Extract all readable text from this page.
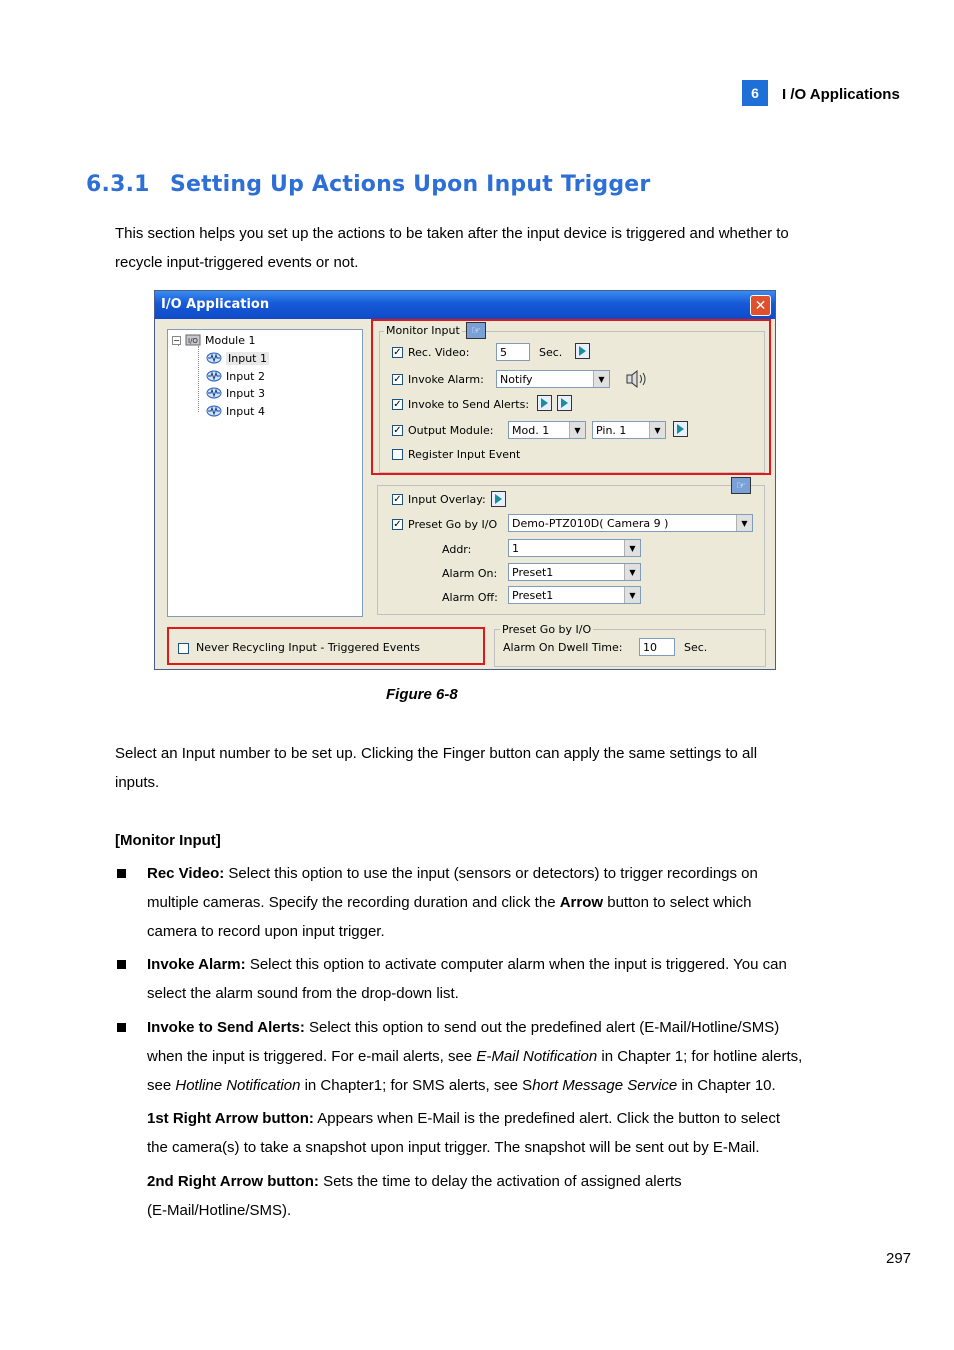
6	I /O Applications
6.3.1 Setting Up Actions Upon Input Trigger
This section helps you set up the actions to be taken after the input device is triggered and whether to
recycle input-triggered events or not.
I/O Application	✕
− I/O Module 1
Input 1
Input 2
Input 3
Input 4
Monitor Input	☞
✓ Rec. Video:	5	Sec.
✓ Invoke Alarm:	Notify	▼
✓ Invoke to Send Alerts:
✓ Output Module:	Mod. 1	▼	Pin. 1	▼
Register Input Event
☞
✓ Input Overlay:
✓ Preset Go by I/O	Demo-PTZ010D( Camera 9 )	▼
Addr:	1	▼
Alarm On:	Preset1	▼
Alarm Off:	Preset1	▼
Never Recycling Input - Triggered Events
Preset Go by I/O
Alarm On Dwell Time:	10	Sec.
Figure 6-8
Select an Input number to be set up. Clicking the Finger button can apply the same settings to all
inputs.
[Monitor Input]
Rec Video: Select this option to use the input (sensors or detectors) to trigger recordings on
multiple cameras. Specify the recording duration and click the Arrow button to select which
camera to record upon input trigger.
Invoke Alarm: Select this option to activate computer alarm when the input is triggered. You can
select the alarm sound from the drop-down list.
Invoke to Send Alerts: Select this option to send out the predefined alert (E-Mail/Hotline/SMS)
when the input is triggered. For e-mail alerts, see E-Mail Notification in Chapter 1; for hotline alerts,
see Hotline Notification in Chapter1; for SMS alerts, see Short Message Service in Chapter 10.
1st Right Arrow button: Appears when E-Mail is the predefined alert. Click the button to select
the camera(s) to take a snapshot upon input trigger. The snapshot will be sent out by E-Mail.
2nd Right Arrow button: Sets the time to delay the activation of assigned alerts
(E-Mail/Hotline/SMS).
297
